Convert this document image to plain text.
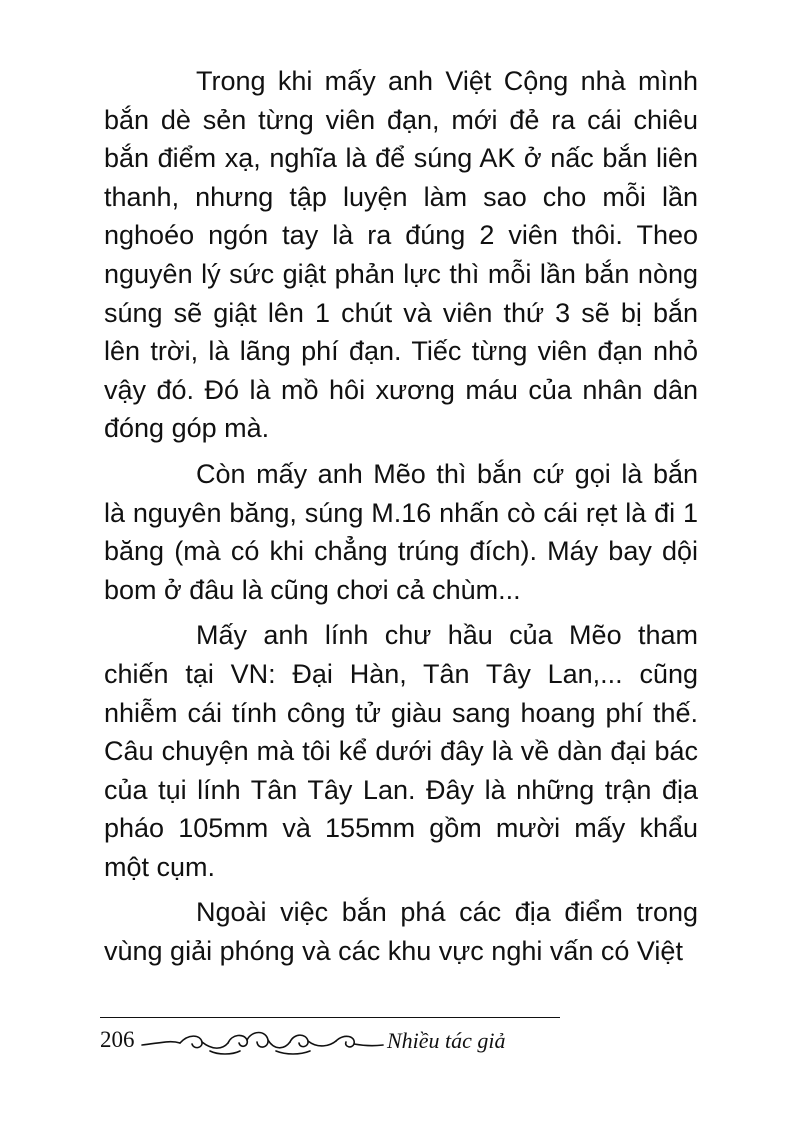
Trong khi mấy anh Việt Cộng nhà mình bắn dè sẻn từng viên đạn, mới đẻ ra cái chiêu bắn điểm xạ, nghĩa là để súng AK ở nấc bắn liên thanh, nhưng tập luyện làm sao cho mỗi lần nghoéo ngón tay là ra đúng 2 viên thôi. Theo nguyên lý sức giật phản lực thì mỗi lần bắn nòng súng sẽ giật lên 1 chút và viên thứ 3 sẽ bị bắn lên trời, là lãng phí đạn. Tiếc từng viên đạn nhỏ vậy đó. Đó là mồ hôi xương máu của nhân dân đóng góp mà.

Còn mấy anh Mẽo thì bắn cứ gọi là bắn là nguyên băng, súng M.16 nhấn cò cái rẹt là đi 1 băng (mà có khi chẳng trúng đích). Máy bay dội bom ở đâu là cũng chơi cả chùm...

Mấy anh lính chư hầu của Mẽo tham chiến tại VN: Đại Hàn, Tân Tây Lan,... cũng nhiễm cái tính công tử giàu sang hoang phí thế. Câu chuyện mà tôi kể dưới đây là về dàn đại bác của tụi lính Tân Tây Lan. Đây là những trận địa pháo 105mm và 155mm gồm mười mấy khẩu một cụm.

Ngoài việc bắn phá các địa điểm trong vùng giải phóng và các khu vực nghi vấn có Việt

206	Nhiều tác giả
